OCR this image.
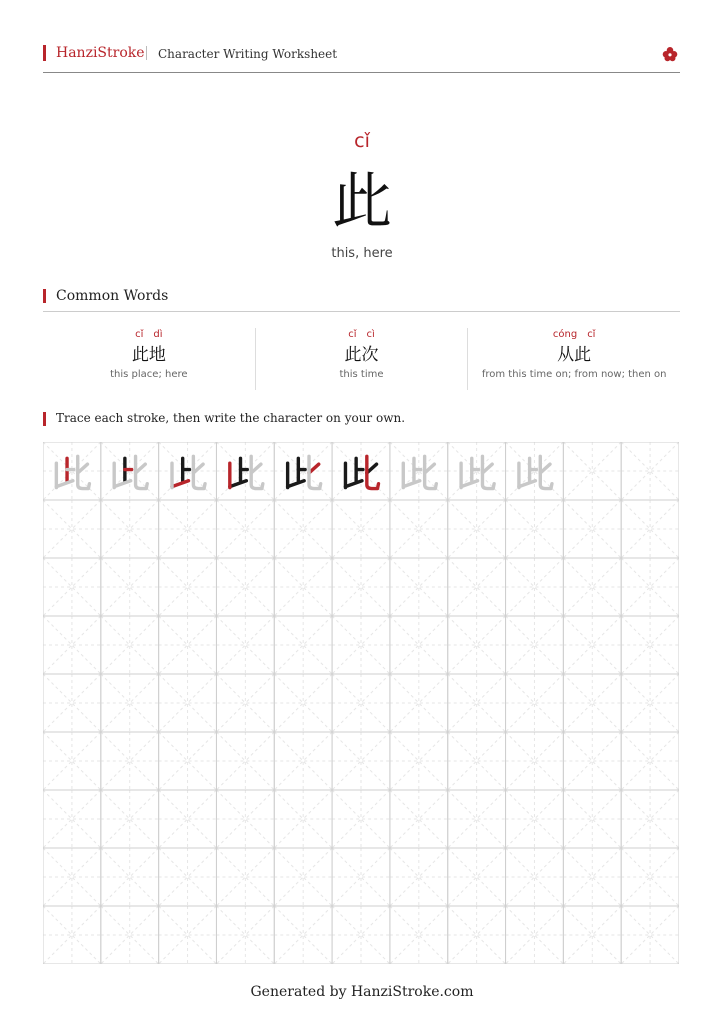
HanziStroke Character Writing Worksheet
cǐ
此
this, here
Common Words
cǐ dì
此地
this place; here
cǐ cì
此次
this time
cóng cǐ
从此
from this time on; from now; then on
Trace each stroke, then write the character on your own.
Generated by HanziStroke.com
